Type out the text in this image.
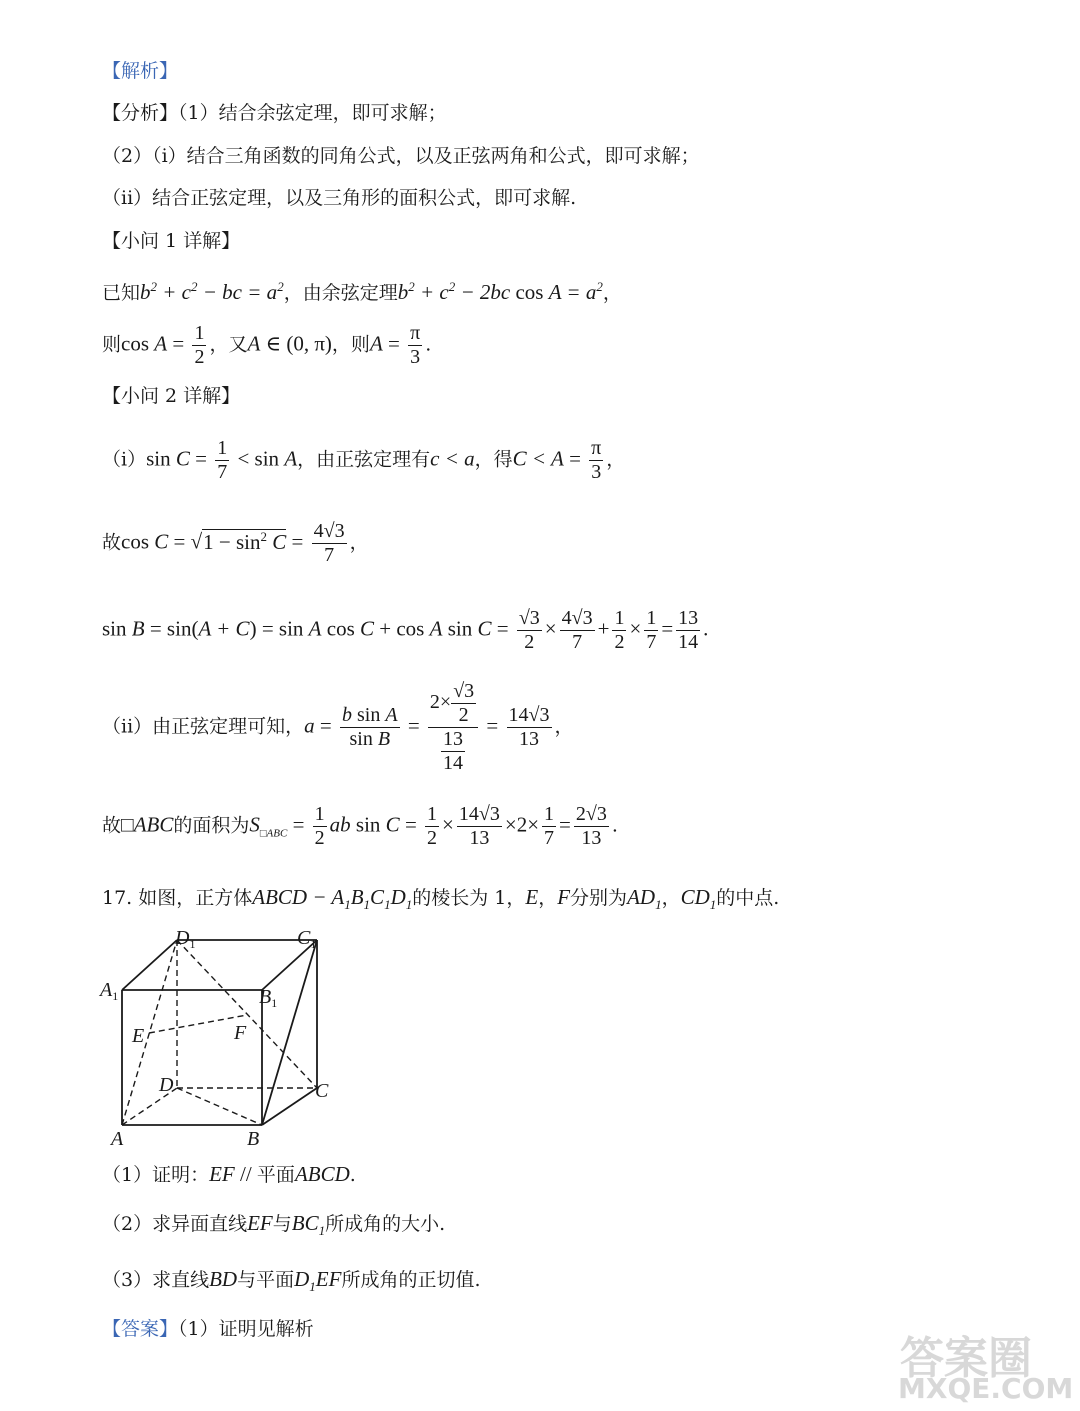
【解析】
【分析】（1）结合余弦定理，即可求解；
（2）（i）结合三角函数的同角公式，以及正弦两角和公式，即可求解；
（ii）结合正弦定理，以及三角形的面积公式，即可求解.
【小问 1 详解】
已知$b^2 + c^2$ − bc = $a^2$，由余弦定理$b^2 + c^2 - 2bc$ $\cos A = a^2$，
则$\cos A = \frac{1}{2}$ ，又A ∈ (0, π)，则$A = \frac{\pi}{3}$ .
【小问 2 详解】
（i）sin $C = \frac{1}{7} < \sin A$，由正弦定理有c < a，得$C < A = \frac{\pi}{3}$ ，
故$\cos C = √1 - \sin^2 C = \frac{4√3}{7}$ ，
sin B = sin(A + C) = sin A cos C + cos A $\sin C = \frac{√3}{2} \times \frac{4√3}{7} + \frac{1}{2} \times \frac{1}{7} = \frac{13}{14}$ .
（ii）由正弦定理可知，$a = \frac{\text{b sin A}}{\text{sin B}} = \frac{2\times \frac{√3}{2}}{\frac{13}{14}} = \frac{14√3}{13}$ ，
故□ABC的面积为$S_{□ABC} = \frac{1}{2}$ ab $\sin C = \frac{1}{2} \times \frac{14√3}{13} \times 2\times \frac{1}{7} = \frac{2√3}{13}$ .
17. 如图，正方体ABCD − $A_1B_1C_1D_1$的棱长为 1，E，F分别为$AD_1$，$CD_1$的中点.
$D_1$	$C_1$
$A_1$	$B_1$
E	F
D	C
A	B
（1）证明：EF // 平面ABCD.
（2）求异面直线EF与$BC_1$所成角的大小.
（3）求直线BD与平面$D_1EF$所成角的正切值.
【答案】（1）证明见解析
答案圈
MXQE.COM
